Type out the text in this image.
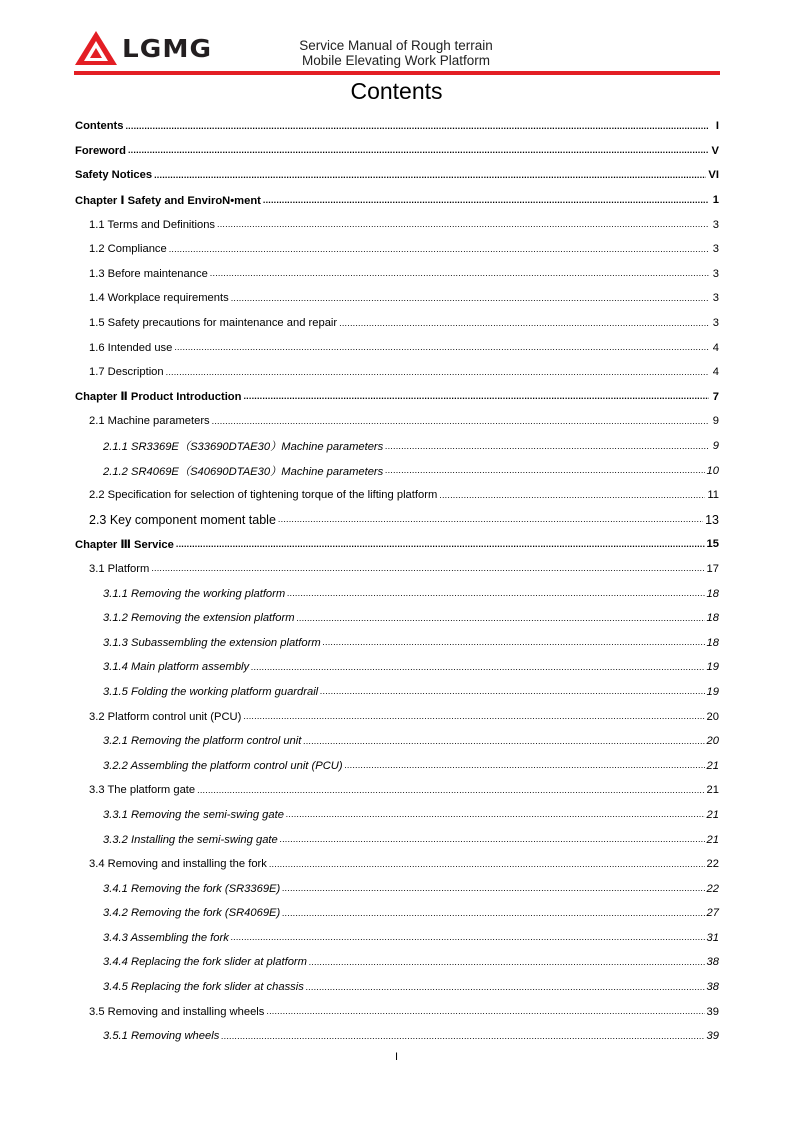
LGMG	Service Manual of Rough terrain
Mobile Elevating Work Platform
Contents
Contents .....	I
Foreword .....	V
Safety Notices .....	VI
Chapter Ⅰ Safety and EnviroN•ment .....	1
1.1 Terms and Definitions .....	3
1.2 Compliance .....	3
1.3 Before maintenance .....	3
1.4 Workplace requirements .....	3
1.5 Safety precautions for maintenance and repair .....	3
1.6 Intended use .....	4
1.7 Description .....	4
Chapter Ⅱ Product Introduction .....	7
2.1 Machine parameters .....	9
2.1.1 SR3369E（S33690DTAE30）Machine parameters .....	9
2.1.2 SR4069E（S40690DTAE30）Machine parameters .....	10
2.2 Specification for selection of tightening torque of the lifting platform .....	11
2.3 Key component moment table .....	13
Chapter Ⅲ Service .....	15
3.1 Platform .....	17
3.1.1 Removing the working platform .....	18
3.1.2 Removing the extension platform .....	18
3.1.3 Subassembling the extension platform .....	18
3.1.4 Main platform assembly .....	19
3.1.5 Folding the working platform guardrail .....	19
3.2 Platform control unit (PCU) .....	20
3.2.1 Removing the platform control unit .....	20
3.2.2 Assembling the platform control unit (PCU) .....	21
3.3 The platform gate .....	21
3.3.1 Removing the semi-swing gate .....	21
3.3.2 Installing the semi-swing gate .....	21
3.4 Removing and installing the fork .....	22
3.4.1 Removing the fork (SR3369E) .....	22
3.4.2 Removing the fork (SR4069E) .....	27
3.4.3 Assembling the fork .....	31
3.4.4 Replacing the fork slider at platform .....	38
3.4.5 Replacing the fork slider at chassis .....	38
3.5 Removing and installing wheels .....	39
3.5.1 Removing wheels .....	39
I
